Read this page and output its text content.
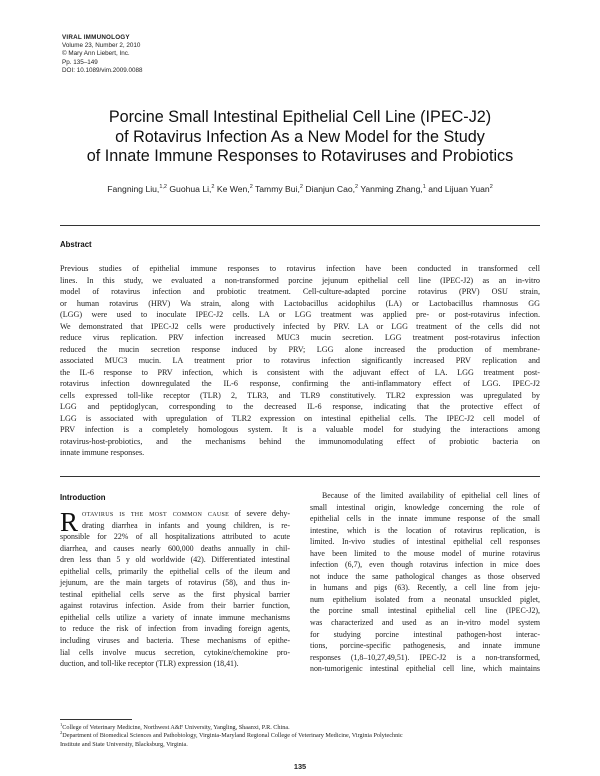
VIRAL IMMUNOLOGY
Volume 23, Number 2, 2010
© Mary Ann Liebert, Inc.
Pp. 135–149
DOI: 10.1089/vim.2009.0088
Porcine Small Intestinal Epithelial Cell Line (IPEC-J2)
of Rotavirus Infection As a New Model for the Study
of Innate Immune Responses to Rotaviruses and Probiotics
Fangning Liu,$^{1,2}$ Guohua Li,$^2$ Ke Wen,$^2$ Tammy Bui,$^2$ Dianjun Cao,$^2$ Yanming Zhang,$^1$ and Lijuan Yuan$^2$
Abstract
Previous studies of epithelial immune responses to rotavirus infection have been conducted in transformed cell
lines. In this study, we evaluated a non-transformed porcine jejunum epithelial cell line (IPEC-J2) as an in-vitro
model of rotavirus infection and probiotic treatment. Cell-culture-adapted porcine rotavirus (PRV) OSU strain,
or human rotavirus (HRV) Wa strain, along with Lactobacillus acidophilus (LA) or Lactobacillus rhamnosus GG
(LGG) were used to inoculate IPEC-J2 cells. LA or LGG treatment was applied pre- or post-rotavirus infection.
We demonstrated that IPEC-J2 cells were productively infected by PRV. LA or LGG treatment of the cells did not
reduce virus replication. PRV infection increased MUC3 mucin secretion. LGG treatment post-rotavirus infection
reduced the mucin secretion response induced by PRV; LGG alone increased the production of membrane-
associated MUC3 mucin. LA treatment prior to rotavirus infection significantly increased PRV replication and
the IL-6 response to PRV infection, which is consistent with the adjuvant effect of LA. LGG treatment post-
rotavirus infection downregulated the IL-6 response, confirming the anti-inflammatory effect of LGG. IPEC-J2
cells expressed toll-like receptor (TLR) 2, TLR3, and TLR9 constitutively. TLR2 expression was upregulated by
LGG and peptidoglycan, corresponding to the decreased IL-6 response, indicating that the protective effect of
LGG is associated with upregulation of TLR2 expression on intestinal epithelial cells. The IPEC-J2 cell model of
PRV infection is a completely homologous system. It is a valuable model for studying the interactions among
rotavirus-host-probiotics, and the mechanisms behind the immunomodulating effect of probiotic bacteria on
innate immune responses.
Introduction
R otavirus is the most common cause of severe dehy-
drating diarrhea in infants and young children, is re-
sponsible for 22% of all hospitalizations attributed to acute
diarrhea, and causes nearly 600,000 deaths annually in chil-
dren less than 5 y old worldwide (42). Differentiated intestinal
epithelial cells, primarily the epithelial cells of the ileum and
jejunum, are the main targets of rotavirus (58), and thus in-
testinal epithelial cells serve as the first physical barrier
against rotavirus infection. Aside from their barrier function,
epithelial cells utilize a variety of innate immune mechanisms
to reduce the risk of infection from invading foreign agents,
including viruses and bacteria. These mechanisms of epithe-
lial cells involve mucus secretion, cytokine/chemokine pro-
duction, and toll-like receptor (TLR) expression (18,41).
Because of the limited availability of epithelial cell lines of
small intestinal origin, knowledge concerning the role of
epithelial cells in the innate immune response of the small
intestine, which is the location of rotavirus replication, is
limited. In-vivo studies of intestinal epithelial cell responses
have been limited to the mouse model of murine rotavirus
infection (6,7), even though rotavirus infection in mice does
not induce the same pathological changes as those observed
in humans and pigs (63). Recently, a cell line from jeju-
num epithelium isolated from a neonatal unsuckled piglet,
the porcine small intestinal epithelial cell line (IPEC-J2),
was characterized and used as an in-vitro model system
for studying porcine intestinal pathogen-host interac-
tions, porcine-specific pathogenesis, and innate immune
responses (1,8–10,27,49,51). IPEC-J2 is a non-transformed,
non-tumorigenic intestinal epithelial cell line, which maintains
$^1$College of Veterinary Medicine, Northwest A&F University, Yangling, Shaanxi, P.R. China.
$^2$Department of Biomedical Sciences and Pathobiology, Virginia-Maryland Regional College of Veterinary Medicine, Virginia Polytechnic
Institute and State University, Blacksburg, Virginia.
135
